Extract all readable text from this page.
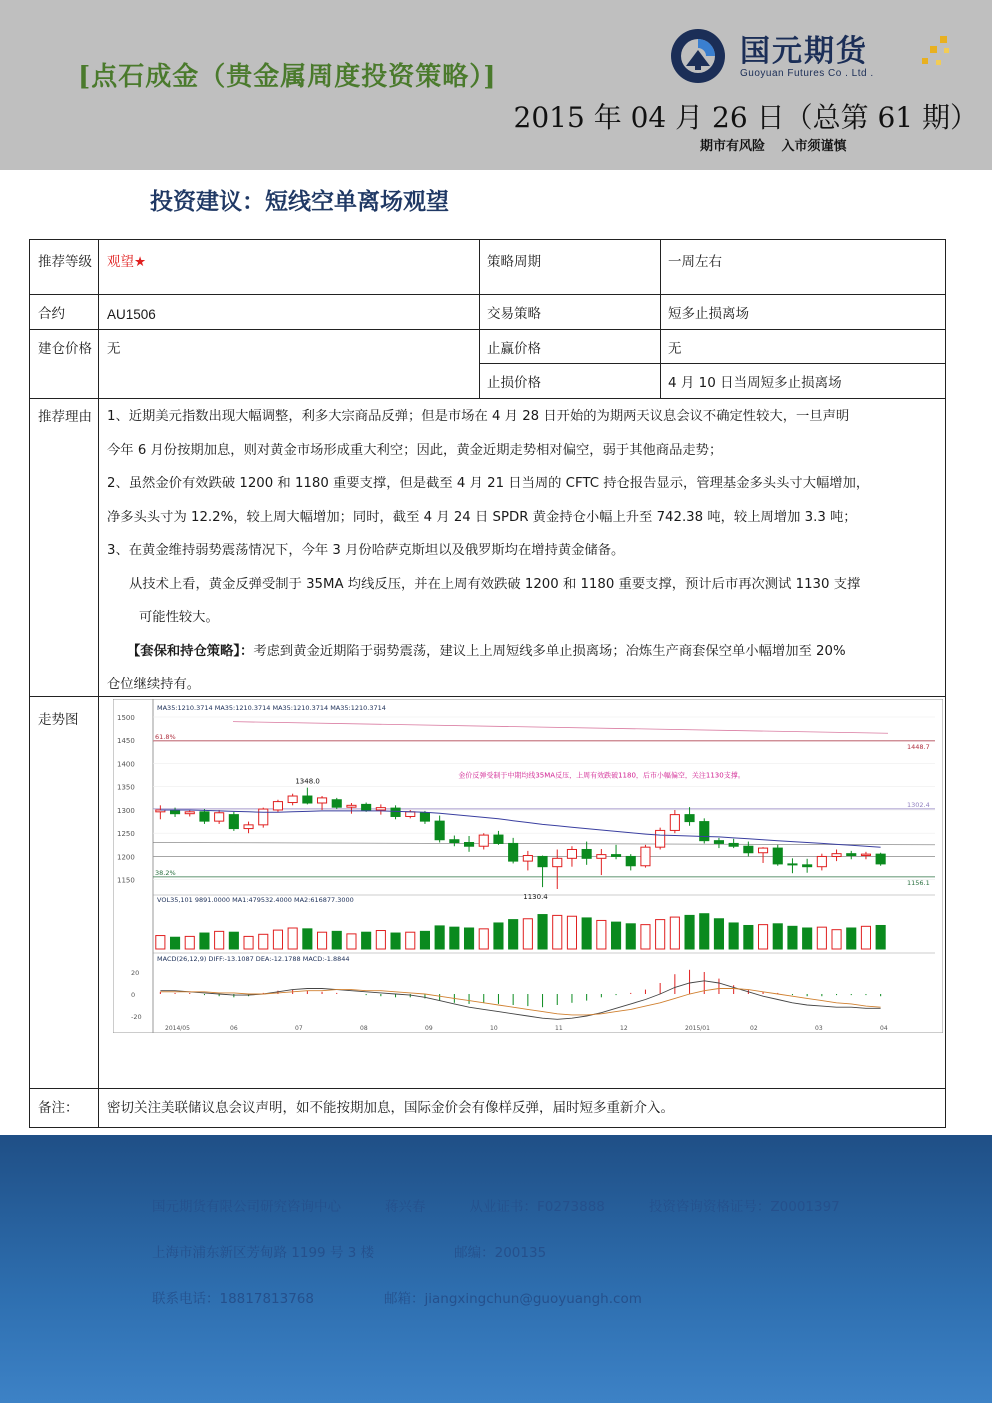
[点石成金（贵金属周度投资策略）]
国元期货
Guoyuan Futures Co . Ltd .
2015 年 04 月 26 日（总第 61 期）
期市有风险 入市须谨慎
投资建议：短线空单离场观望
推荐等级	观望★	策略周期	一周左右
合约	AU1506	交易策略	短多止损离场
建仓价格	无	止赢价格	无
止损价格	4 月 10 日当周短多止损离场
推荐理由 1、近期美元指数出现大幅调整，利多大宗商品反弹；但是市场在 4 月 28 日开始的为期两天议息会议不确定性较大，一旦声明

今年 6 月份按期加息，则对黄金市场形成重大利空；因此，黄金近期走势相对偏空，弱于其他商品走势；

2、虽然金价有效跌破 1200 和 1180 重要支撑，但是截至 4 月 21 日当周的 CFTC 持仓报告显示，管理基金多头头寸大幅增加，

净多头头寸为 12.2%，较上周大幅增加；同时，截至 4 月 24 日 SPDR 黄金持仓小幅上升至 742.38 吨，较上周增加 3.3 吨；

3、在黄金维持弱势震荡情况下，今年 3 月份哈萨克斯坦以及俄罗斯均在增持黄金储备。

从技术上看，黄金反弹受制于 35MA 均线反压，并在上周有效跌破 1200 和 1180 重要支撑，预计后市再次测试 1130 支撑

可能性较大。

【套保和持仓策略】：考虑到黄金近期陷于弱势震荡，建议上上周短线多单止损离场；冶炼生产商套保空单小幅增加至 20%

仓位继续持有。

走势图	1500
1450
1400
1350
1300
1250
1200
1150
MA35:1210.3714 MA35:1210.3714 MA35:1210.3714 MA35:1210.3714
61.8%
38.2%
1448.7
1302.4
1156.1
1348.0
1130.4
金价反弹受制于中期均线35MA反压，上周有效跌破1180，后市小幅偏空，关注1130支撑。
VOL35,101 9891.0000 MA1:479532.4000 MA2:616877.3000
MACD(26,12,9) DIFF:-13.1087 DEA:-12.1788 MACD:-1.8844
20
0
-20
2014/05	06	07	08	09	10	11	12	2015/01	02	03	04
备注：	密切关注美联储议息会议声明，如不能按期加息，国际金价会有像样反弹，届时短多重新介入。
国元期货有限公司研究咨询中心	蒋兴春	从业证书：F0273888	投资咨询资格证号：Z0001397
上海市浦东新区芳甸路 1199 号 3 楼	邮编：200135
联系电话：18817813768	邮箱：jiangxingchun@guoyuangh.com
